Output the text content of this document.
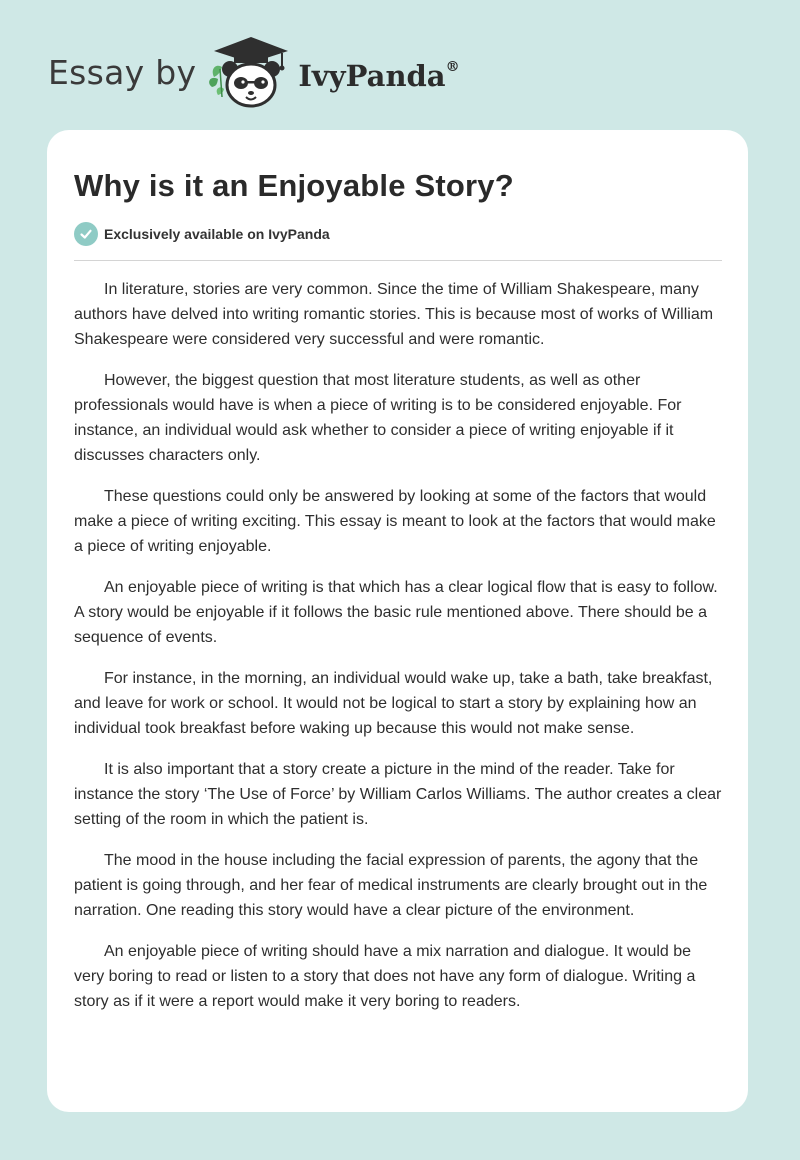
Essay by	IvyPanda®
Why is it an Enjoyable Story?
Exclusively available on IvyPanda

In literature, stories are very common. Since the time of William Shakespeare, many authors have delved into writing romantic stories. This is because most of works of William Shakespeare were considered very successful and were romantic.

However, the biggest question that most literature students, as well as other professionals would have is when a piece of writing is to be considered enjoyable. For instance, an individual would ask whether to consider a piece of writing enjoyable if it discusses characters only.

These questions could only be answered by looking at some of the factors that would make a piece of writing exciting. This essay is meant to look at the factors that would make a piece of writing enjoyable.

An enjoyable piece of writing is that which has a clear logical flow that is easy to follow. A story would be enjoyable if it follows the basic rule mentioned above. There should be a sequence of events.

For instance, in the morning, an individual would wake up, take a bath, take breakfast, and leave for work or school. It would not be logical to start a story by explaining how an individual took breakfast before waking up because this would not make sense.

It is also important that a story create a picture in the mind of the reader. Take for instance the story ‘The Use of Force’ by William Carlos Williams. The author creates a clear setting of the room in which the patient is.

The mood in the house including the facial expression of parents, the agony that the patient is going through, and her fear of medical instruments are clearly brought out in the narration. One reading this story would have a clear picture of the environment.

An enjoyable piece of writing should have a mix narration and dialogue. It would be very boring to read or listen to a story that does not have any form of dialogue. Writing a story as if it were a report would make it very boring to readers.
